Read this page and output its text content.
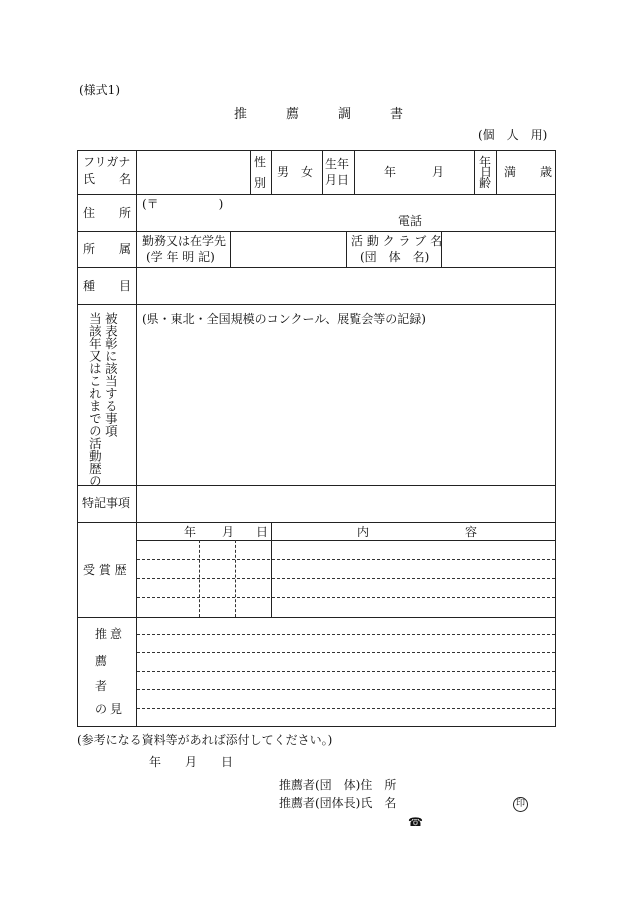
(様式1)
推　　　薦　　　調　　　書
(個　人　用)
フリガナ
氏　　名
性
別
男　女
生年
月日
年　　　月　　　日
年
齢
満　　歳
住　　所
(〒　　　　　)
電話
所　　属
勤務又は在学先
(学 年 明 記)
活 動 ク ラ ブ 名
(団　体　名)
種　　目
当該年又はこれまでの活動歴の 被表彰に該当する事項 (県・東北・全国規模のコンクール、展覧会等の記録)
特記事項
受 賞 歴
年 月 日	内　　　　　　　　容
推
薦
者
の
意
見
(参考になる資料等があれば添付してください。)
年　　月　　日
推薦者(団　体)住　所
推薦者(団体長)氏　名	印
☎
